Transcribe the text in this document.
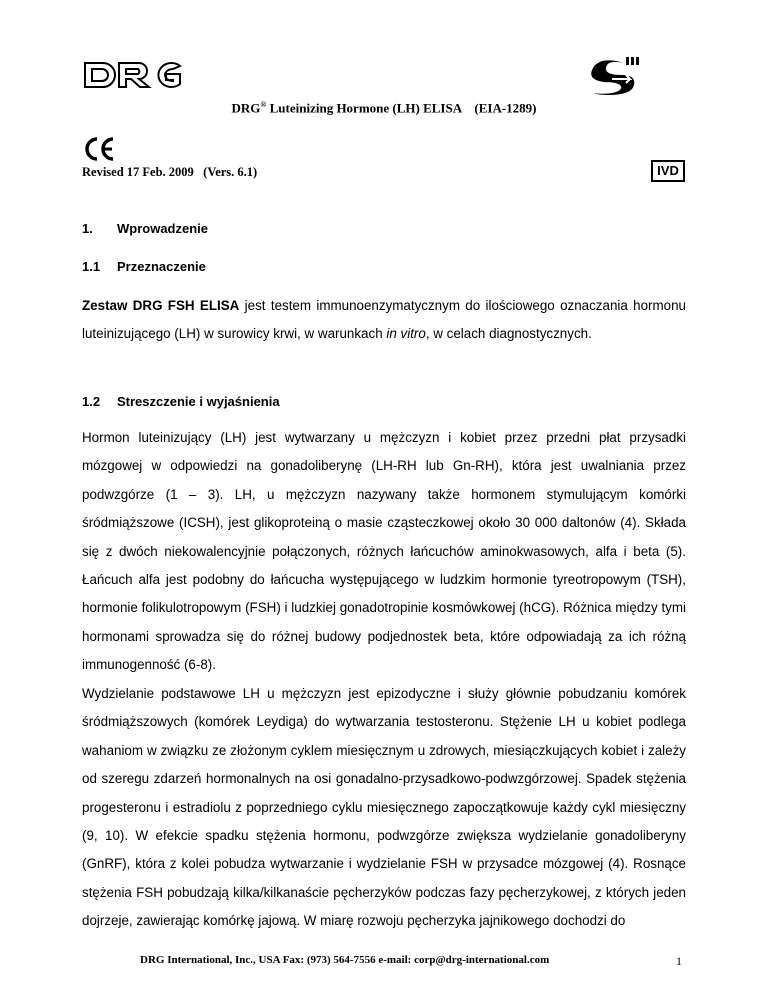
DRG® Luteinizing Hormone (LH) ELISA    (EIA-1289)
Revised 17 Feb. 2009   (Vers. 6.1)	IVD
1. Wprowadzenie
1.1 Przeznaczenie
Zestaw DRG FSH ELISA jest testem immunoenzymatycznym do ilościowego oznaczania hormonu luteinizującego (LH) w surowicy krwi, w warunkach in vitro, w celach diagnostycznych.
1.2 Streszczenie i wyjaśnienia
Hormon luteinizujący (LH) jest wytwarzany u mężczyzn i kobiet przez przedni płat przysadki mózgowej w odpowiedzi na gonadoliberynę (LH-RH lub Gn-RH), która jest uwalniania przez podwzgórze (1 – 3). LH, u mężczyzn nazywany także hormonem stymulującym komórki śródmiąższowe (ICSH), jest glikoproteiną o masie cząsteczkowej około 30 000 daltonów (4). Składa się z dwóch niekowalencyjnie połączonych, różnych łańcuchów aminokwasowych, alfa i beta (5). Łańcuch alfa jest podobny do łańcucha występującego w ludzkim hormonie tyreotropowym (TSH), hormonie folikulotropowym (FSH) i ludzkiej gonadotropinie kosmówkowej (hCG). Różnica między tymi hormonami sprowadza się do różnej budowy podjednostek beta, które odpowiadają za ich różną immunogenność (6-8).
Wydzielanie podstawowe LH u mężczyzn jest epizodyczne i służy głównie pobudzaniu komórek śródmiąższowych (komórek Leydiga) do wytwarzania testosteronu. Stężenie LH u kobiet podlega wahaniom w związku ze złożonym cyklem miesięcznym u zdrowych, miesiączkujących kobiet i zależy od szeregu zdarzeń hormonalnych na osi gonadalno-przysadkowo-podwzgórzowej. Spadek stężenia progesteronu i estradiolu z poprzedniego cyklu miesięcznego zapoczątkowuje każdy cykl miesięczny (9, 10). W efekcie spadku stężenia hormonu, podwzgórze zwiększa wydzielanie gonadoliberyny (GnRF), która z kolei pobudza wytwarzanie i wydzielanie FSH w przysadce mózgowej (4). Rosnące stężenia FSH pobudzają kilka/kilkanaście pęcherzyków podczas fazy pęcherzykowej, z których jeden dojrzeje, zawierając komórkę jajową. W miarę rozwoju pęcherzyka jajnikowego dochodzi do
DRG International, Inc., USA Fax: (973) 564-7556 e-mail: corp@drg-international.com	1
